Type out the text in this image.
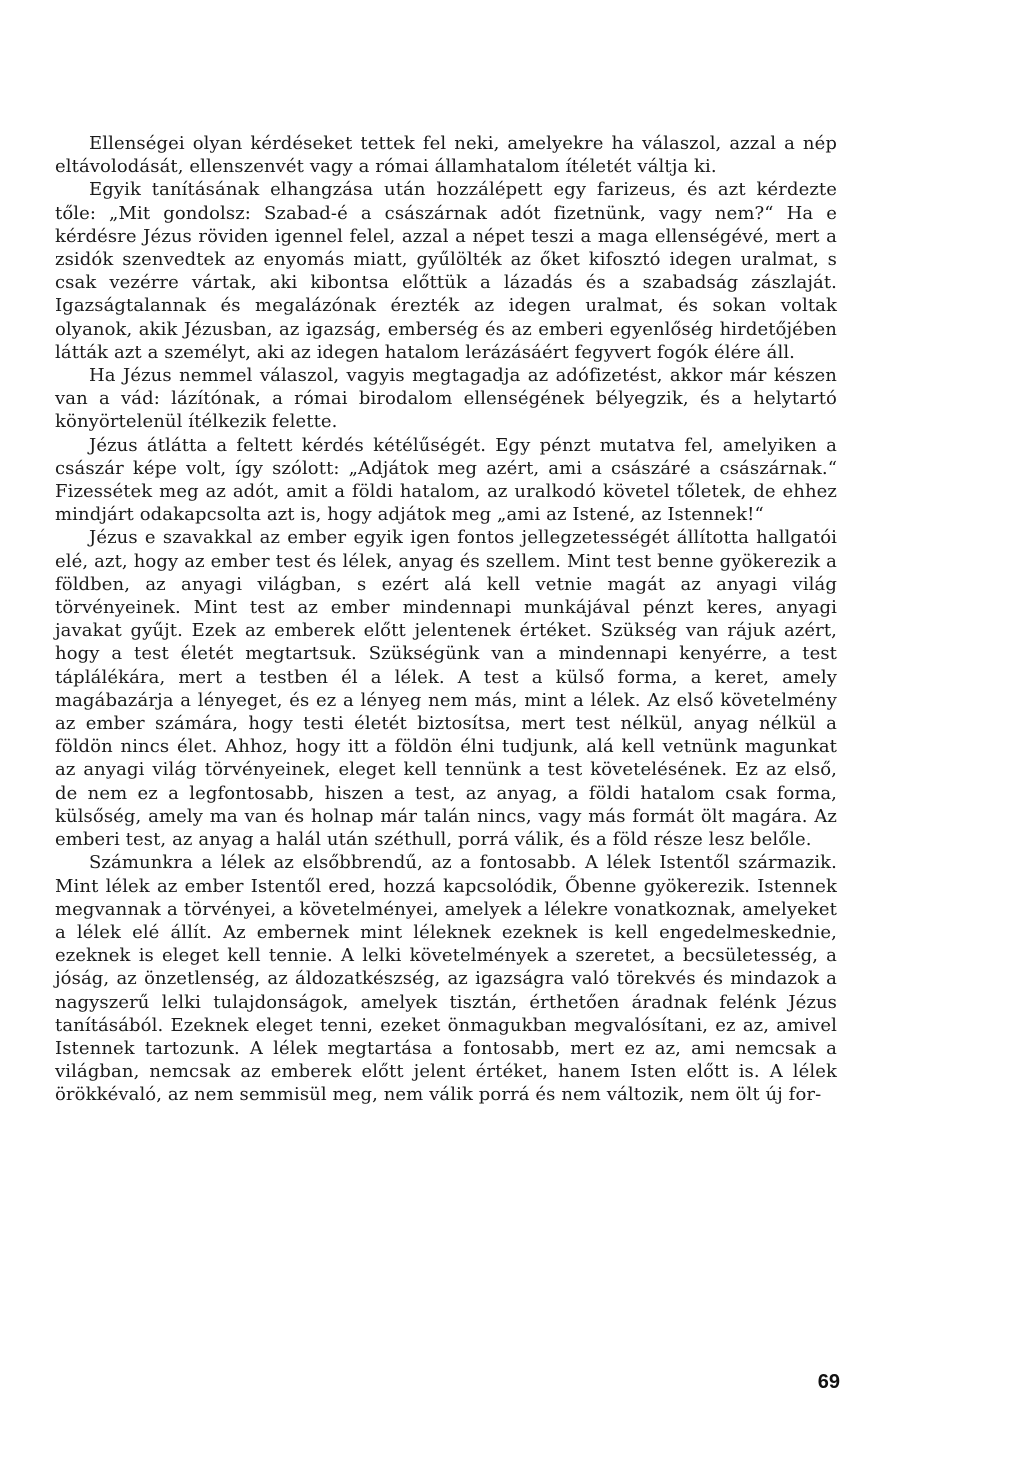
Ellenségei olyan kérdéseket tettek fel neki, amelyekre ha válaszol, azzal a nép eltávolodását, ellenszenvét vagy a római államhatalom ítéletét váltja ki.

Egyik tanításának elhangzása után hozzálépett egy farizeus, és azt kérdezte tőle: „Mit gondolsz: Szabad-é a császárnak adót fizetnünk, vagy nem?“ Ha e kérdésre Jézus röviden igennel felel, azzal a népet teszi a maga ellenségévé, mert a zsidók szenvedtek az enyomás miatt, gyűlölték az őket kifosztó idegen uralmat, s csak vezérre vártak, aki kibontsa előttük a lázadás és a szabadság zászlaját. Igazságtalannak és megalázónak érezték az idegen uralmat, és sokan voltak olyanok, akik Jézusban, az igazság, emberség és az emberi egyenlőség hirdetőjében látták azt a személyt, aki az idegen hatalom lerázásáért fegyvert fogók élére áll.

Ha Jézus nemmel válaszol, vagyis megtagadja az adófizetést, akkor már készen van a vád: lázítónak, a római birodalom ellenségének bélyegzik, és a helytartó könyörtelenül ítélkezik felette.

Jézus átlátta a feltett kérdés kétélűségét. Egy pénzt mutatva fel, amelyiken a császár képe volt, így szólott: „Adjátok meg azért, ami a császáré a császárnak.“ Fizessétek meg az adót, amit a földi hatalom, az uralkodó követel tőletek, de ehhez mindjárt odakapcsolta azt is, hogy adjátok meg „ami az Istené, az Istennek!“

Jézus e szavakkal az ember egyik igen fontos jellegzetességét állította hallgatói elé, azt, hogy az ember test és lélek, anyag és szellem. Mint test benne gyökerezik a földben, az anyagi világban, s ezért alá kell vetnie magát az anyagi világ törvényeinek. Mint test az ember mindennapi munkájával pénzt keres, anyagi javakat gyűjt. Ezek az emberek előtt jelentenek értéket. Szükség van rájuk azért, hogy a test életét megtartsuk. Szükségünk van a mindennapi kenyérre, a test táplálékára, mert a testben él a lélek. A test a külső forma, a keret, amely magábazárja a lényeget, és ez a lényeg nem más, mint a lélek. Az első követelmény az ember számára, hogy testi életét biztosítsa, mert test nélkül, anyag nélkül a földön nincs élet. Ahhoz, hogy itt a földön élni tudjunk, alá kell vetnünk magunkat az anyagi világ törvényeinek, eleget kell tennünk a test követelésének. Ez az első, de nem ez a legfontosabb, hiszen a test, az anyag, a földi hatalom csak forma, külsőség, amely ma van és holnap már talán nincs, vagy más formát ölt magára. Az emberi test, az anyag a halál után széthull, porrá válik, és a föld része lesz belőle.

Számunkra a lélek az elsőbbrendű, az a fontosabb. A lélek Istentől származik. Mint lélek az ember Istentől ered, hozzá kapcsolódik, Őbenne gyökerezik. Istennek megvannak a törvényei, a követelményei, amelyek a lélekre vonatkoznak, amelyeket a lélek elé állít. Az embernek mint léleknek ezeknek is kell engedelmeskednie, ezeknek is eleget kell tennie. A lelki követelmények a szeretet, a becsületesség, a jóság, az önzetlenség, az áldozatkészség, az igazságra való törekvés és mindazok a nagyszerű lelki tulajdonságok, amelyek tisztán, érthetően áradnak felénk Jézus tanításából. Ezeknek eleget tenni, ezeket önmagukban megvalósítani, ez az, amivel Istennek tartozunk. A lélek megtartása a fontosabb, mert ez az, ami nemcsak a világban, nemcsak az emberek előtt jelent értéket, hanem Isten előtt is. A lélek örökkévaló, az nem semmisül meg, nem válik porrá és nem változik, nem ölt új for-

69
